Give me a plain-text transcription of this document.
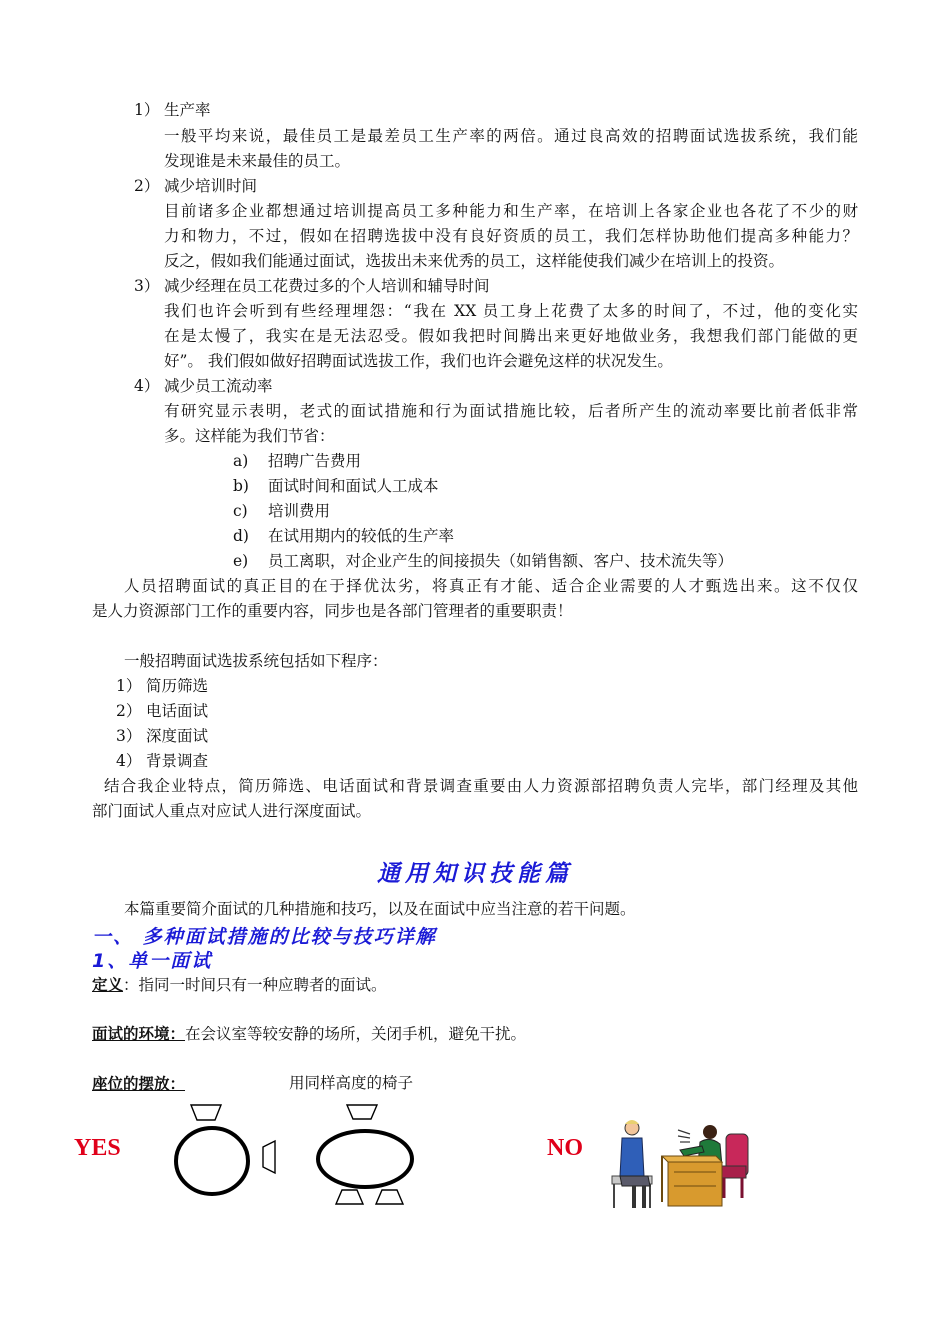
1） 生产率
一般平均来说，最佳员工是最差员工生产率的两倍。通过良高效的招聘面试选拔系统，我们能
发现谁是未来最佳的员工。
2） 减少培训时间
目前诸多企业都想通过培训提高员工多种能力和生产率，在培训上各家企业也各花了不少的财
力和物力，不过，假如在招聘选拔中没有良好资质的员工，我们怎样协助他们提高多种能力？
反之，假如我们能通过面试，选拔出未来优秀的员工，这样能使我们减少在培训上的投资。
3） 减少经理在员工花费过多的个人培训和辅导时间
我们也许会听到有些经理埋怨：“我在 XX 员工身上花费了太多的时间了，不过，他的变化实
在是太慢了，我实在是无法忍受。假如我把时间腾出来更好地做业务，我想我们部门能做的更
好”。 我们假如做好招聘面试选拔工作，我们也许会避免这样的状况发生。
4） 减少员工流动率
有研究显示表明，老式的面试措施和行为面试措施比较，后者所产生的流动率要比前者低非常
多。这样能为我们节省：
a) 招聘广告费用
b) 面试时间和面试人工成本
c) 培训费用
d) 在试用期内的较低的生产率
e) 员工离职，对企业产生的间接损失（如销售额、客户、技术流失等）
人员招聘面试的真正目的在于择优汰劣，将真正有才能、适合企业需要的人才甄选出来。这不仅仅
是人力资源部门工作的重要内容，同步也是各部门管理者的重要职责！
一般招聘面试选拔系统包括如下程序：
1） 简历筛选
2） 电话面试
3） 深度面试
4） 背景调查
结合我企业特点，简历筛选、电话面试和背景调查重要由人力资源部招聘负责人完毕，部门经理及其他
部门面试人重点对应试人进行深度面试。
通用知识技能篇
本篇重要简介面试的几种措施和技巧，以及在面试中应当注意的若干问题。
一、 多种面试措施的比较与技巧详解
1、单一面试
定义：指同一时间只有一种应聘者的面试。
面试的环境：在会议室等较安静的场所，关闭手机，避免干扰。
座位的摆放：	用同样高度的椅子
YES	NO
